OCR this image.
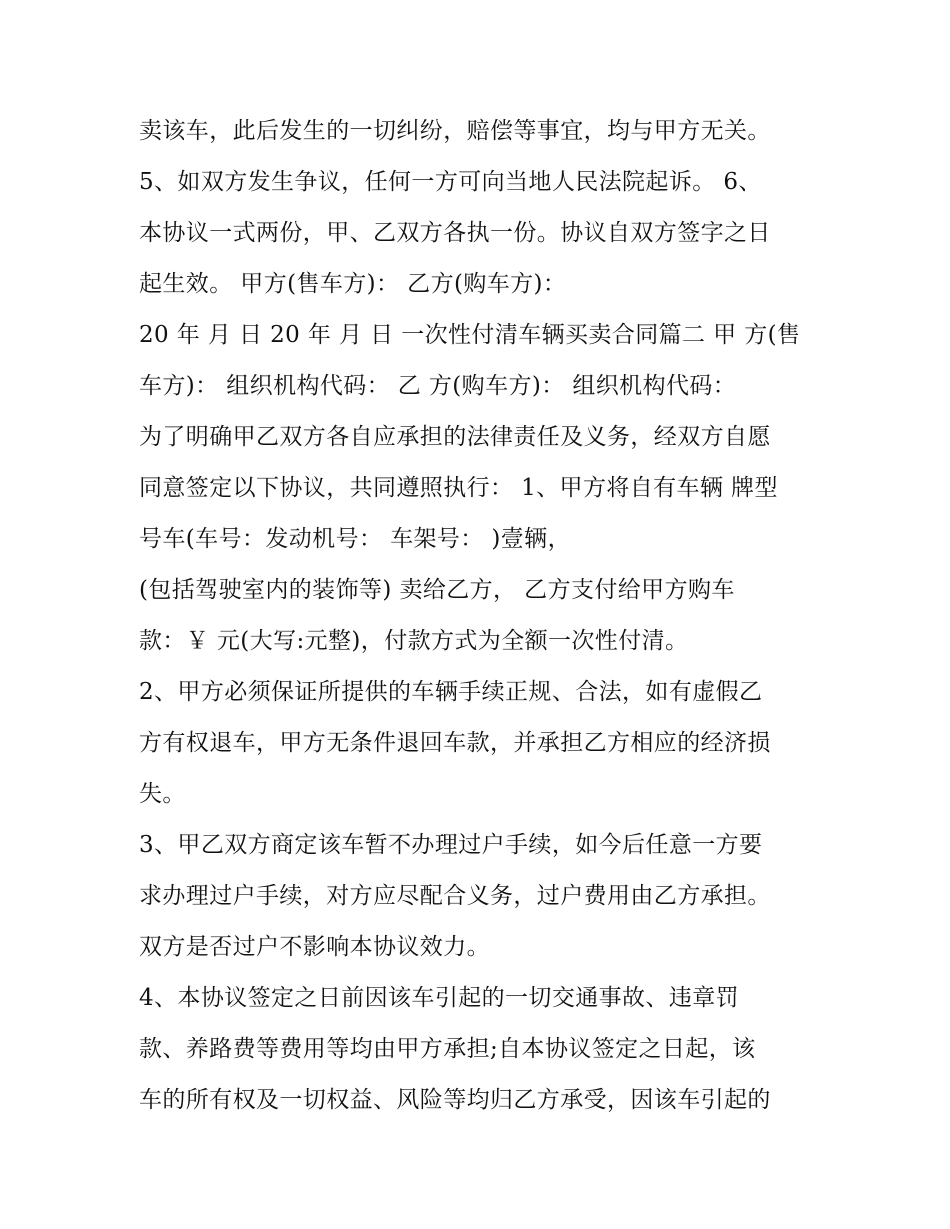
卖该车，此后发生的一切纠纷，赔偿等事宜，均与甲方无关。
5、如双方发生争议，任何一方可向当地人民法院起诉。 6、
本协议一式两份，甲、乙双方各执一份。协议自双方签字之日
起生效。 甲方(售车方)： 乙方(购车方)：
20 年 月 日 20 年 月 日 一次性付清车辆买卖合同篇二 甲 方(售
车方)： 组织机构代码： 乙 方(购车方)： 组织机构代码：
为了明确甲乙双方各自应承担的法律责任及义务，经双方自愿
同意签定以下协议，共同遵照执行： 1、甲方将自有车辆 牌型
号车(车号：发动机号： 车架号： )壹辆，
(包括驾驶室内的装饰等) 卖给乙方， 乙方支付给甲方购车
款：￥ 元(大写:元整)，付款方式为全额一次性付清。
2、甲方必须保证所提供的车辆手续正规、合法，如有虚假乙
方有权退车，甲方无条件退回车款，并承担乙方相应的经济损
失。
3、甲乙双方商定该车暂不办理过户手续，如今后任意一方要
求办理过户手续，对方应尽配合义务，过户费用由乙方承担。
双方是否过户不影响本协议效力。
4、本协议签定之日前因该车引起的一切交通事故、违章罚
款、养路费等费用等均由甲方承担;自本协议签定之日起，该
车的所有权及一切权益、风险等均归乙方承受，因该车引起的
